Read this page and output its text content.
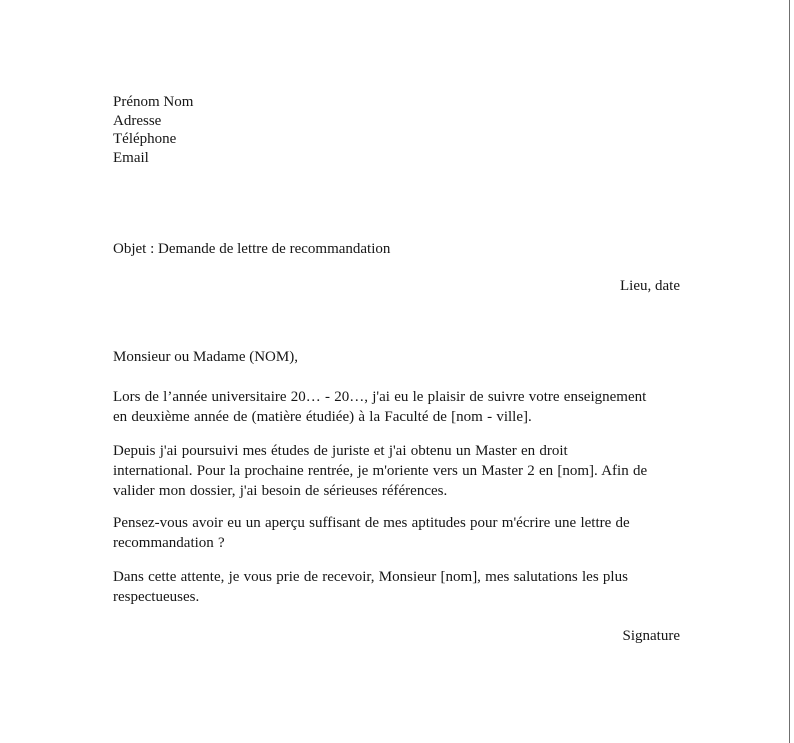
Prénom Nom
Adresse
Téléphone
Email
Objet : Demande de lettre de recommandation
Lieu, date
Monsieur ou Madame (NOM),
Lors de l’année universitaire 20… - 20…, j'ai eu le plaisir de suivre votre enseignement
en deuxième année de (matière étudiée) à la Faculté de [nom - ville].
Depuis j'ai poursuivi mes études de juriste et j'ai obtenu un Master en droit
international. Pour la prochaine rentrée, je m'oriente vers un Master 2 en [nom]. Afin de
valider mon dossier, j'ai besoin de sérieuses références.
Pensez-vous avoir eu un aperçu suffisant de mes aptitudes pour m'écrire une lettre de
recommandation ?
Dans cette attente, je vous prie de recevoir, Monsieur [nom], mes salutations les plus
respectueuses.
Signature
